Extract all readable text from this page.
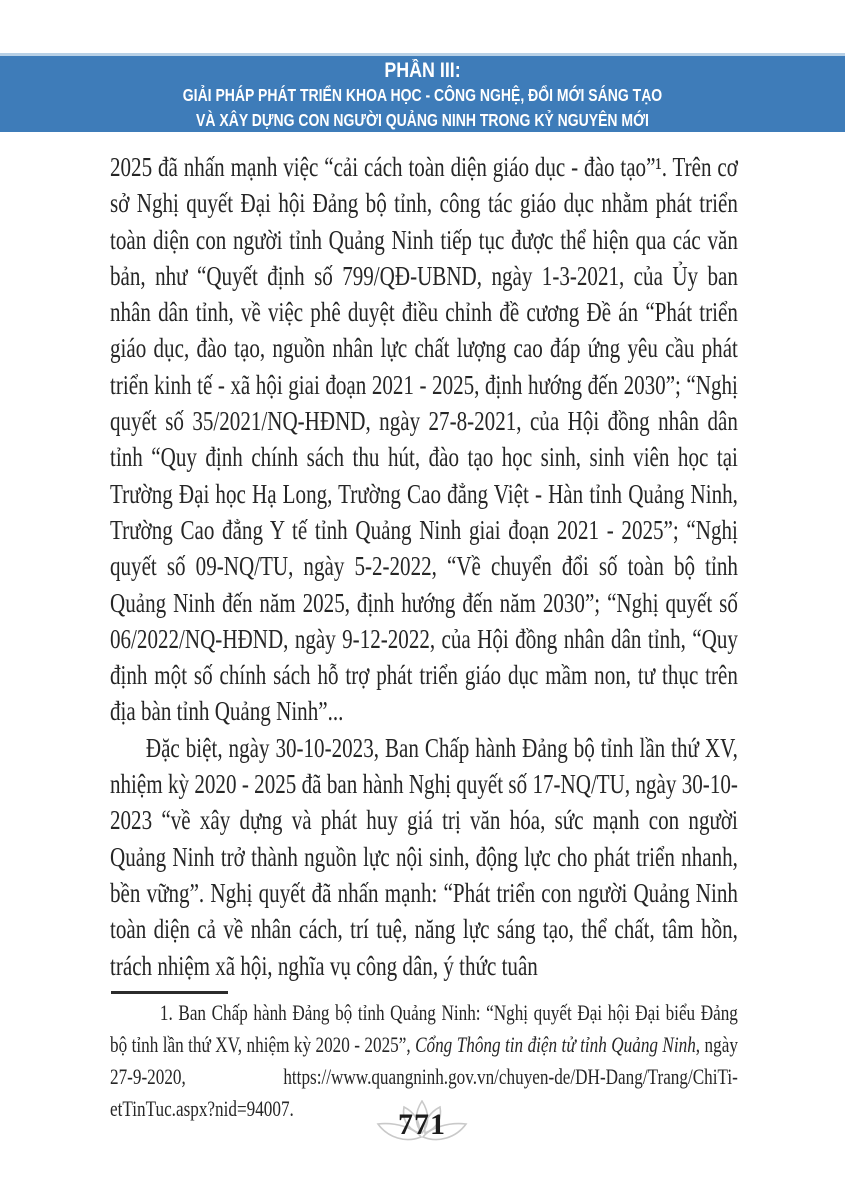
PHẦN III:
GIẢI PHÁP PHÁT TRIỂN KHOA HỌC - CÔNG NGHỆ, ĐỔI MỚI SÁNG TẠO
VÀ XÂY DỰNG CON NGƯỜI QUẢNG NINH TRONG KỶ NGUYÊN MỚI

2025 đã nhấn mạnh việc “cải cách toàn diện giáo dục - đào tạo”¹. Trên cơ sở Nghị quyết Đại hội Đảng bộ tỉnh, công tác giáo dục nhằm phát triển toàn diện con người tỉnh Quảng Ninh tiếp tục được thể hiện qua các văn bản, như “Quyết định số 799/QĐ-UBND, ngày 1-3-2021, của Ủy ban nhân dân tỉnh, về việc phê duyệt điều chỉnh đề cương Đề án “Phát triển giáo dục, đào tạo, nguồn nhân lực chất lượng cao đáp ứng yêu cầu phát triển kinh tế - xã hội giai đoạn 2021 - 2025, định hướng đến 2030”; “Nghị quyết số 35/2021/NQ-HĐND, ngày 27-8-2021, của Hội đồng nhân dân tỉnh “Quy định chính sách thu hút, đào tạo học sinh, sinh viên học tại Trường Đại học Hạ Long, Trường Cao đẳng Việt - Hàn tỉnh Quảng Ninh, Trường Cao đẳng Y tế tỉnh Quảng Ninh giai đoạn 2021 - 2025”; “Nghị quyết số 09-NQ/TU, ngày 5-2-2022, “Về chuyển đổi số toàn bộ tỉnh Quảng Ninh đến năm 2025, định hướng đến năm 2030”; “Nghị quyết số 06/2022/NQ-HĐND, ngày 9-12-2022, của Hội đồng nhân dân tỉnh, “Quy định một số chính sách hỗ trợ phát triển giáo dục mầm non, tư thục trên địa bàn tỉnh Quảng Ninh”...

Đặc biệt, ngày 30-10-2023, Ban Chấp hành Đảng bộ tỉnh lần thứ XV, nhiệm kỳ 2020 - 2025 đã ban hành Nghị quyết số 17-NQ/TU, ngày 30-10-2023 “về xây dựng và phát huy giá trị văn hóa, sức mạnh con người Quảng Ninh trở thành nguồn lực nội sinh, động lực cho phát triển nhanh, bền vững”. Nghị quyết đã nhấn mạnh: “Phát triển con người Quảng Ninh toàn diện cả về nhân cách, trí tuệ, năng lực sáng tạo, thể chất, tâm hồn, trách nhiệm xã hội, nghĩa vụ công dân, ý thức tuân

1. Ban Chấp hành Đảng bộ tỉnh Quảng Ninh: “Nghị quyết Đại hội Đại biểu Đảng bộ tỉnh lần thứ XV, nhiệm kỳ 2020 - 2025”, Cổng Thông tin điện tử tỉnh Quảng Ninh, ngày 27-9-2020, https://www.quangninh.gov.vn/chuyen-de/DH-Dang/Trang/ChiTi-etTinTuc.aspx?nid=94007.	771
